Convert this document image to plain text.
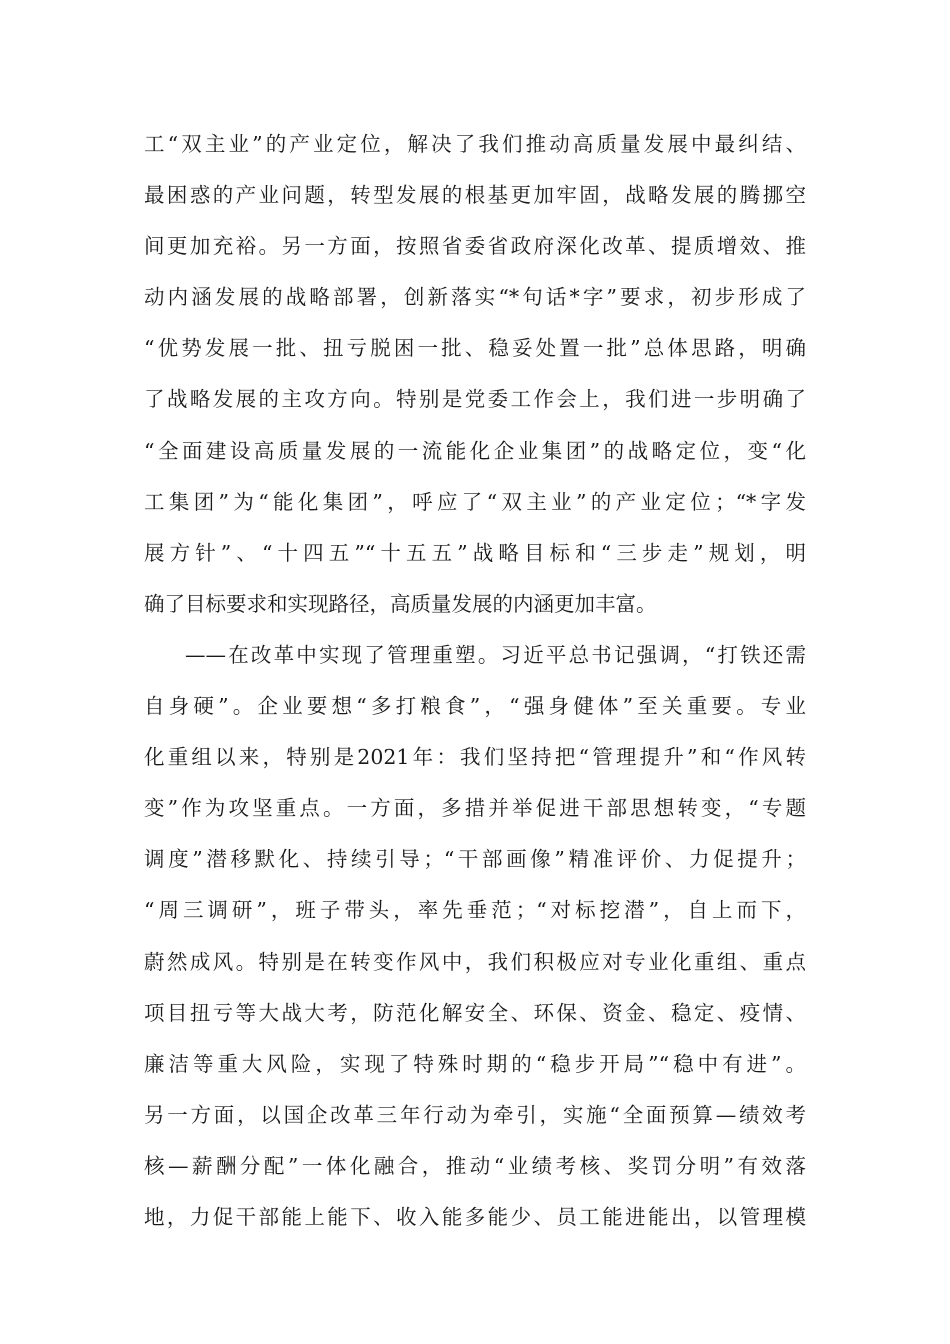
工“双主业”的产业定位，解决了我们推动高质量发展中最纠结、
最困惑的产业问题，转型发展的根基更加牢固，战略发展的腾挪空
间更加充裕。另一方面，按照省委省政府深化改革、提质增效、推
动内涵发展的战略部署，创新落实“*句话*字”要求，初步形成了
“优势发展一批、扭亏脱困一批、稳妥处置一批”总体思路，明确
了战略发展的主攻方向。特别是党委工作会上，我们进一步明确了
“全面建设高质量发展的一流能化企业集团”的战略定位，变“化
工集团”为“能化集团”，呼应了“双主业”的产业定位；“*字发
展方针”、“十四五”“十五五”战略目标和“三步走”规划，明
确了目标要求和实现路径，高质量发展的内涵更加丰富。
——在改革中实现了管理重塑。习近平总书记强调，“打铁还需
自身硬”。企业要想“多打粮食”，“强身健体”至关重要。专业
化重组以来，特别是2021年：我们坚持把“管理提升”和“作风转
变”作为攻坚重点。一方面，多措并举促进干部思想转变，“专题
调度”潜移默化、持续引导；“干部画像”精准评价、力促提升；
“周三调研”，班子带头，率先垂范；“对标挖潜”，自上而下，
蔚然成风。特别是在转变作风中，我们积极应对专业化重组、重点
项目扭亏等大战大考，防范化解安全、环保、资金、稳定、疫情、
廉洁等重大风险，实现了特殊时期的“稳步开局”“稳中有进”。
另一方面，以国企改革三年行动为牵引，实施“全面预算—绩效考
核—薪酬分配”一体化融合，推动“业绩考核、奖罚分明”有效落
地，力促干部能上能下、收入能多能少、员工能进能出，以管理模
